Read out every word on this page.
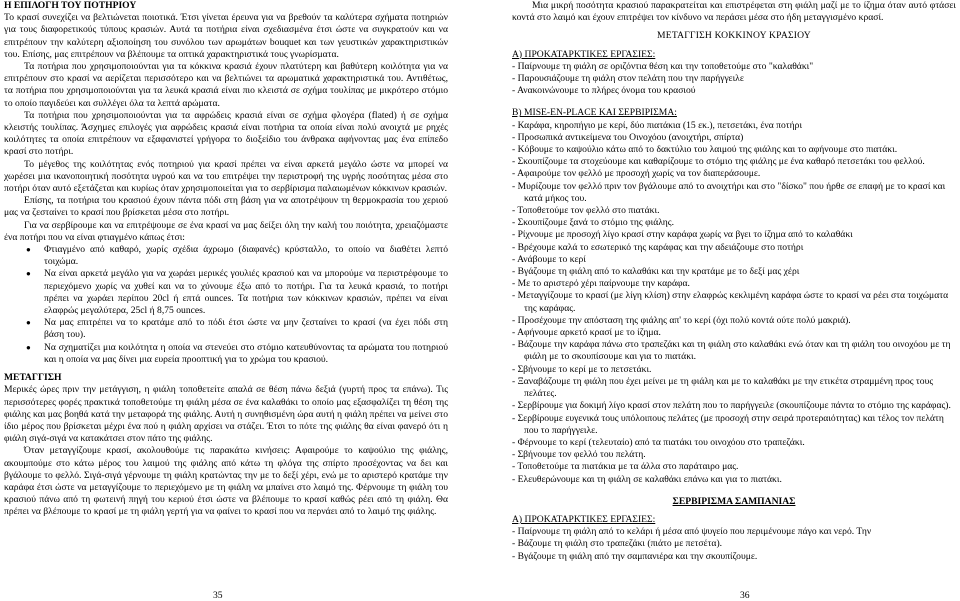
Η ΕΠΙΛΟΓΗ ΤΟΥ ΠΟΤΗΡΙΟΥ

Το κρασί συνεχίζει να βελτιώνεται ποιοτικά. Έτσι γίνεται έρευνα για να βρεθούν τα καλύτερα σχήματα ποτηριών για τους διαφορετικούς τύπους κρασιών. Αυτά τα ποτήρια είναι σχεδιασμένα έτσι ώστε να συγκρατούν και να επιτρέπουν την καλύτερη αξιοποίηση του συνόλου των αρωμάτων bouquet και των γευστικών χαρακτηριστικών του. Επίσης, μας επιτρέπουν να βλέπουμε τα οπτικά χαρακτηριστικά τους γνωρίσματα.

Τα ποτήρια που χρησιμοποιούνται για τα κόκκινα κρασιά έχουν πλατύτερη και βαθύτερη κοιλότητα για να επιτρέπουν στο κρασί να αερίζεται περισσότερο και να βελτιώνει τα αρωματικά χαρακτηριστικά του. Αντιθέτως, τα ποτήρια που χρησιμοποιούνται για τα λευκά κρασιά είναι πιο κλειστά σε σχήμα τουλίπας με μικρότερο στόμιο το οποίο παγιδεύει και συλλέγει όλα τα λεπτά αρώματα.

Τα ποτήρια που χρησιμοποιούνται για τα αφρώδεις κρασιά είναι σε σχήμα φλογέρα (flated) ή σε σχήμα κλειστής τουλίπας. Άσχημες επιλογές για αφρώδεις κρασιά είναι ποτήρια τα οποία είναι πολύ ανοιχτά με ρηχές κοιλότητες τα οποία επιτρέπουν να εξαφανιστεί γρήγορα το διοξείδιο του άνθρακα αφήνοντας μας ένα επίπεδο κρασί στο ποτήρι.

Το μέγεθος της κοιλότητας ενός ποτηριού για κρασί πρέπει να είναι αρκετά μεγάλο ώστε να μπορεί να χωρέσει μια ικανοποιητική ποσότητα υγρού και να του επιτρέψει την περιστροφή της υγρής ποσότητας μέσα στο ποτήρι όταν αυτό εξετάζεται και κυρίως όταν χρησιμοποιείται για το σερβίρισμα παλαιωμένων κόκκινων κρασιών.

Επίσης, τα ποτήρια του κρασιού έχουν πάντα πόδι στη βάση για να αποτρέψουν τη θερμοκρασία του χεριού μας να ζεσταίνει το κρασί που βρίσκεται μέσα στο ποτήρι.

Για να σερβίρουμε και να επιτρέψουμε σε ένα κρασί να μας δείξει όλη την καλή του ποιότητα, χρειαζόμαστε ένα ποτήρι που να είναι φτιαγμένο κάπως έτσι:

● Φτιαγμένο από καθαρό, χωρίς σχέδια άχρωμο (διαφανές) κρύσταλλο, το οποίο να διαθέτει λεπτό τοιχώμα.
● Να είναι αρκετά μεγάλο για να χωράει μερικές γουλιές κρασιού και να μπορούμε να περιστρέφουμε το περιεχόμενο χωρίς να χυθεί και να το χύνουμε έξω από το ποτήρι. Για τα λευκά κρασιά, το ποτήρι πρέπει να χωράει περίπου 20cl ή επτά ounces. Τα ποτήρια των κόκκινων κρασιών, πρέπει να είναι ελαφρώς μεγαλύτερα, 25cl ή 8,75 ounces.
● Να μας επιτρέπει να το κρατάμε από το πόδι έτσι ώστε να μην ζεσταίνει το κρασί (να έχει πόδι στη βάση του).
● Να σχηματίζει μια κοιλότητα η οποία να στενεύει στο στόμιο κατευθύνοντας τα αρώματα του ποτηριού και η οποία να μας δίνει μια ευρεία προοπτική για το χρώμα του κρασιού.

ΜΕΤΑΓΓΙΣΗ

Μερικές ώρες πριν την μετάγγιση, η φιάλη τοποθετείτε απαλά σε θέση πάνω δεξιά (γυρτή προς τα επάνω). Τις περισσότερες φορές πρακτικά τοποθετούμε τη φιάλη μέσα σε ένα καλαθάκι το οποίο μας εξασφαλίζει τη θέση της φιάλης και μας βοηθά κατά την μεταφορά της φιάλης. Αυτή η συνηθισμένη ώρα αυτή η φιάλη πρέπει να μείνει στο ίδιο μέρος που βρίσκεται μέχρι ένα πού η φιάλη αρχίσει να στάζει. Έτσι το πότε της φιάλης θα είναι φανερό ότι η φιάλη σιγά-σιγά να κατακάτσει στον πάτο της φιάλης.

Όταν μεταγγίζουμε κρασί, ακολουθούμε τις παρακάτω κινήσεις: Αφαιρούμε το καψούλιο της φιάλης, ακουμπούμε στο κάτω μέρος του λαιμού της φιάλης από κάτω τη φλόγα της σπίρτο προσέχοντας να δει και βγάλουμε το φελλό. Σιγά-σιγά γέρνουμε τη φιάλη κρατώντας την με το δεξί χέρι, ενώ με το αριστερό κρατάμε την καράφα έτσι ώστε να μεταγγίζουμε το περιεχόμενο με τη φιάλη να μπαίνει στο λαιμό της. Φέρνουμε τη φιάλη του κρασιού πάνω από τη φωτεινή πηγή του κεριού έτσι ώστε να βλέπουμε το κρασί καθώς ρέει από τη φιάλη. Θα πρέπει να βλέπουμε το κρασί με τη φιάλη γερτή για να φαίνει το κρασί που να περνάει από το λαιμό της φιάλης.

35

Μια μικρή ποσότητα κρασιού παρακρατείται και επιστρέφεται στη φιάλη μαζί με το ίζημα όταν αυτό φτάσει κοντά στο λαιμό και έχουν επιτρέψει τον κίνδυνο να περάσει μέσα στο ήδη μεταγγισμένο κρασί.

ΜΕΤΑΓΓΙΣΗ ΚΟΚΚΙΝΟΥ ΚΡΑΣΙΟΥ

Α) ΠΡΟΚΑΤΑΡΚΤΙΚΕΣ ΕΡΓΑΣΙΕΣ:

- Παίρνουμε τη φιάλη σε οριζόντια θέση και την τοποθετούμε στο "καλαθάκι"

- Παρουσιάζουμε τη φιάλη στον πελάτη που την παρήγγειλε

- Ανακοινώνουμε τo πλήρες όνομα του κρασιού

Β) MISE-EN-PLACE ΚΑΙ ΣΕΡΒΙΡΙΣΜΑ:

- Καράφα, κηροπήγιο με κερί, δύο πιατάκια (15 εκ.), πετσετάκι, ένα ποτήρι

- Προσωπικά αντικείμενα του Οινοχόου (ανοιχτήρι, σπίρτα)

- Κόβουμε το καψούλιο κάτω από το δακτύλιο του λαιμού της φιάλης και το αφήνουμε στο πιατάκι.

- Σκουπίζουμε τα στοχεύουμε και καθαρίζουμε το στόμιο της φιάλης με ένα καθαρό πετσετάκι του φελλού.

- Αφαιρούμε τον φελλό με προσοχή χωρίς να τον διαπεράσουμε.

- Μυρίζουμε τον φελλό πριν τον βγάλουμε από το ανοιχτήρι και στο "δίσκο" που ήρθε σε επαφή με το κρασί και κατά μήκος του.

- Τοποθετούμε τον φελλό στο πιατάκι.

- Σκουπίζουμε ξανά το στόμιο της φιάλης.

- Ρίχνουμε με προσοχή λίγο κρασί στην καράφα χωρίς να βγει το ίζημα από το καλαθάκι

- Βρέχουμε καλά το εσωτερικό της καράφας και την αδειάζουμε στο ποτήρι

- Ανάβουμε το κερί

- Βγάζουμε τη φιάλη από το καλαθάκι και την κρατάμε με το δεξί μας χέρι

- Με το αριστερό χέρι παίρνουμε την καράφα.

- Μεταγγίζουμε το κρασί (με λίγη κλίση) στην ελαφρώς κεκλιμένη καράφα ώστε το κρασί να ρέει στα τοιχώματα της καράφας.

- Προσέχουμε την απόσταση της φιάλης απ' το κερί (όχι πολύ κοντά ούτε πολύ μακριά).

- Αφήνουμε αρκετό κρασί με το ίζημα.

- Βάζουμε την καράφα πάνω στο τραπεζάκι και τη φιάλη στο καλαθάκι ενώ όταν και τη φιάλη του οινοχόου με τη φιάλη με το σκουπίσουμε και για το πιατάκι.

- Σβήνουμε το κερί με το πετσετάκι.

- Ξαναβάζουμε τη φιάλη που έχει μείνει με τη φιάλη και με το καλαθάκι με την ετικέτα στραμμένη προς τους πελάτες.

- Σερβίρουμε για δοκιμή λίγο κρασί στον πελάτη που το παρήγγειλε (σκουπίζουμε πάντα το στόμιο της καράφας).

- Σερβίρουμε ευγενικά τους υπόλοιπους πελάτες (με προσοχή στην σειρά προτεραιότητας) και τέλος τον πελάτη που το παρήγγειλε.

- Φέρνουμε το κερί (τελευταίο) από τα πιατάκι του οινοχόου στο τραπεζάκι.

- Σβήνουμε τον φελλό του πελάτη.

- Τοποθετούμε τα πιατάκια με τα άλλα στο παράταιρο μας.

- Ελευθερώνουμε και τη φιάλη σε καλαθάκι επάνω και για το πιατάκι.

ΣΕΡΒΙΡΙΣΜΑ ΣΑΜΠΑΝΙΑΣ

Α) ΠΡΟΚΑΤΑΡΚΤΙΚΕΣ ΕΡΓΑΣΙΕΣ:

- Παίρνουμε τη φιάλη από το κελάρι ή μέσα από ψυγείο που περιμένουμε πάγο και νερό. Την

- Βάζουμε τη φιάλη στο τραπεζάκι (πιάτο με πετσέτα).

- Βγάζουμε τη φιάλη από την σαμπανιέρα και την σκουπίζουμε.

36
